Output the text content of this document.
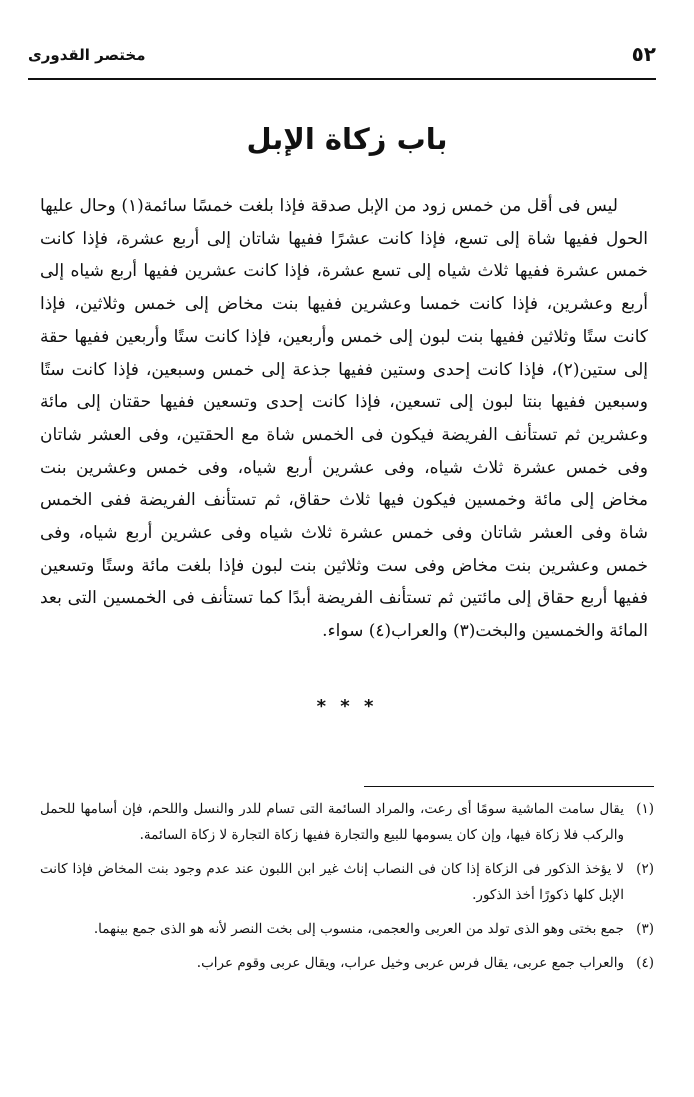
٥٢
مختصر القدورى
باب زكاة الإبل
ليس فى أقل من خمس زود من الإبل صدقة فإذا بلغت خمسًا سائمة(١) وحال عليها الحول ففيها شاة إلى تسع، فإذا كانت عشرًا ففيها شاتان إلى أربع عشرة، فإذا كانت خمس عشرة ففيها ثلاث شياه إلى تسع عشرة، فإذا كانت عشرين ففيها أربع شياه إلى أربع وعشرين، فإذا كانت خمسا وعشرين ففيها بنت مخاض إلى خمس وثلاثين، فإذا كانت ستًا وثلاثين ففيها بنت لبون إلى خمس وأربعين، فإذا كانت ستًا وأربعين ففيها حقة إلى ستين(٢)، فإذا كانت إحدى وستين ففيها جذعة إلى خمس وسبعين، فإذا كانت ستًا وسبعين ففيها بنتا لبون إلى تسعين، فإذا كانت إحدى وتسعين ففيها حقتان إلى مائة وعشرين ثم تستأنف الفريضة فيكون فى الخمس شاة مع الحقتين، وفى العشر شاتان وفى خمس عشرة ثلاث شياه، وفى عشرين أربع شياه، وفى خمس وعشرين بنت مخاض إلى مائة وخمسين فيكون فيها ثلاث حقاق، ثم تستأنف الفريضة ففى الخمس شاة وفى العشر شاتان وفى خمس عشرة ثلاث شياه وفى عشرين أربع شياه، وفى خمس وعشرين بنت مخاض وفى ست وثلاثين بنت لبون فإذا بلغت مائة وستًا وتسعين ففيها أربع حقاق إلى مائتين ثم تستأنف الفريضة أبدًا كما تستأنف فى الخمسين التى بعد المائة والخمسين والبخت(٣) والعراب(٤) سواء.
* * *

(١)يقال سامت الماشية سومًا أى رعت، والمراد السائمة التى تسام للدر والنسل واللحم، فإن أسامها للحمل والركب فلا زكاة فيها، وإن كان يسومها للبيع والتجارة ففيها زكاة التجارة لا زكاة السائمة.

(٢)لا يؤخذ الذكور فى الزكاة إذا كان فى النصاب إناث غير ابن اللبون عند عدم وجود بنت المخاض فإذا كانت الإبل كلها ذكورًا أخذ الذكور.

(٣)جمع بختى وهو الذى تولد من العربى والعجمى، منسوب إلى بخت النصر لأنه هو الذى جمع بينهما.

(٤)والعراب جمع عربى، يقال فرس عربى وخيل عراب، ويقال عربى وقوم عراب.
